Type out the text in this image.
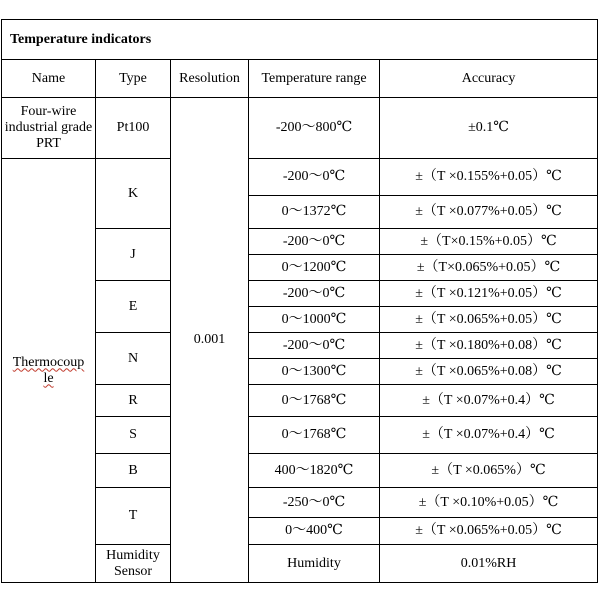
Temperature indicators					
Name	Type	Resolution	Temperature range	Accuracy	
Four-wire industrial grade PRT	Pt100	0.001	-200～800℃	±0.1℃	
Thermocoup
le	K		-200～0℃	±（T ×0.155%+0.05）℃	
			0～1372℃	±（T ×0.077%+0.05）℃	
	J		-200～0℃	±（T×0.15%+0.05）℃	
			0～1200℃	±（T×0.065%+0.05）℃	
	E		-200～0℃	±（T ×0.121%+0.05）℃	
			0～1000℃	±（T ×0.065%+0.05）℃	
	N		-200～0℃	±（T ×0.180%+0.08）℃	
			0～1300℃	±（T ×0.065%+0.08）℃	
	R		0～1768℃	±（T ×0.07%+0.4）℃	
	S		0～1768℃	±（T ×0.07%+0.4）℃	
	B		400～1820℃	±（T ×0.065%）℃	
	T		-250～0℃	±（T ×0.10%+0.05）℃	
			0～400℃	±（T ×0.065%+0.05）℃	
	Humidity Sensor		Humidity	0.01%RH		
